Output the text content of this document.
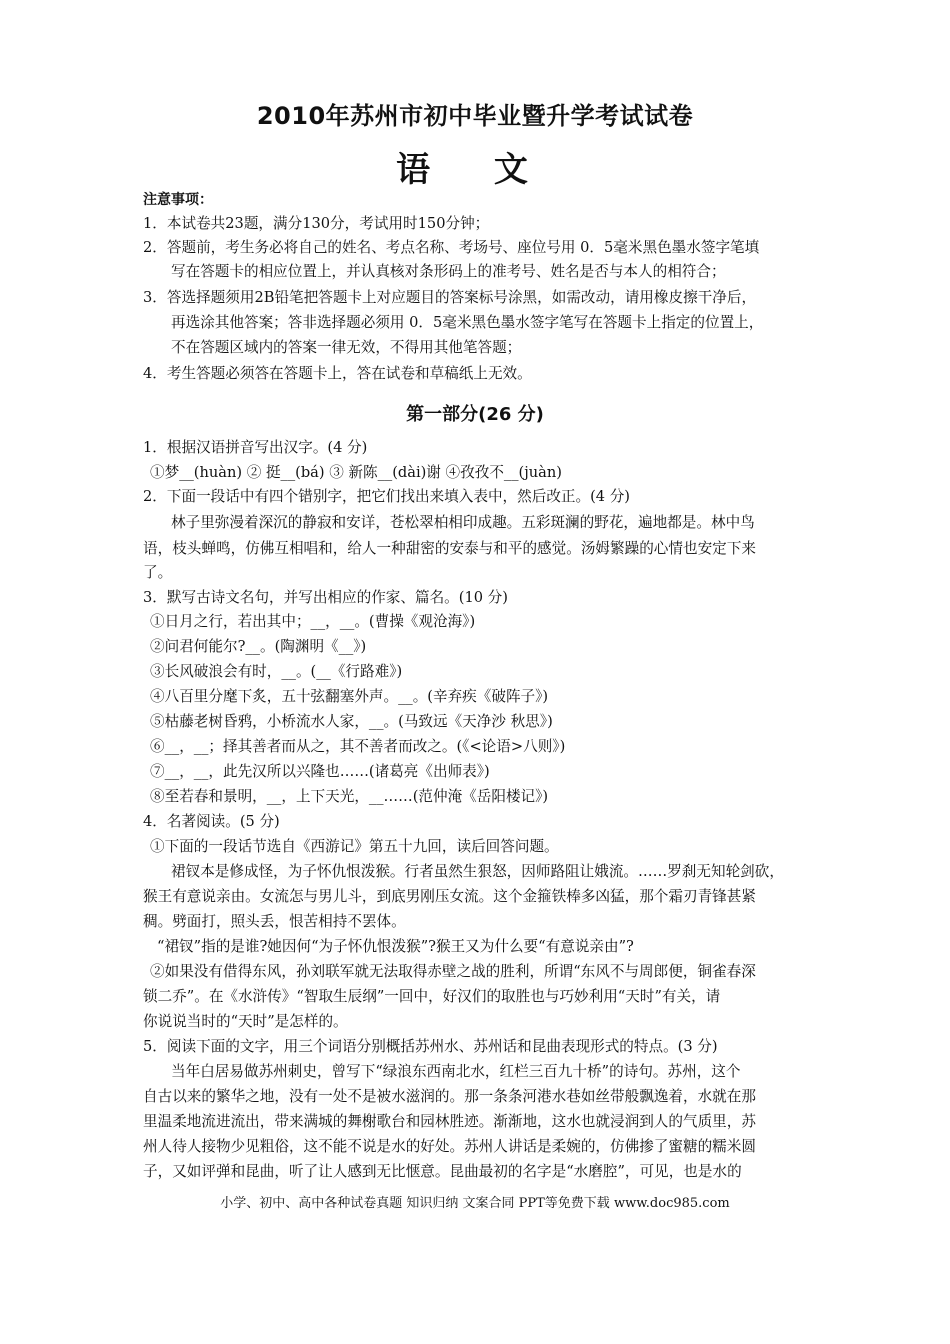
2010年苏州市初中毕业暨升学考试试卷
语 文
注意事项：
1．本试卷共23题，满分130分，考试用时150分钟；
2．答题前，考生务必将自己的姓名、考点名称、考场号、座位号用 0．5毫米黑色墨水签字笔填
写在答题卡的相应位置上，并认真核对条形码上的准考号、姓名是否与本人的相符合；
3．答选择题须用2B铅笔把答题卡上对应题目的答案标号涂黑，如需改动，请用橡皮擦干净后，
再选涂其他答案；答非选择题必须用 0．5毫米黑色墨水签字笔写在答题卡上指定的位置上，
不在答题区域内的答案一律无效，不得用其他笔答题；
4．考生答题必须答在答题卡上，答在试卷和草稿纸上无效。
第一部分(26 分)
1．根据汉语拼音写出汉字。(4 分)
①梦__(huàn) ② 挺__(bá) ③ 新陈__(dài)谢 ④孜孜不__(juàn)
2．下面一段话中有四个错别字，把它们找出来填入表中，然后改正。(4 分)
林子里弥漫着深沉的静寂和安详，苍松翠柏相印成趣。五彩斑澜的野花，遍地都是。林中鸟
语，枝头蝉鸣，仿佛互相唱和，给人一种甜密的安泰与和平的感觉。汤姆繁躁的心情也安定下来
了。
3．默写古诗文名句，并写出相应的作家、篇名。(10 分)
①日月之行，若出其中；__，__。(曹操《观沧海》)
②问君何能尔?__。(陶渊明《__》)
③长风破浪会有时，__。(__《行路难》)
④八百里分麾下炙，五十弦翻塞外声。__。(辛弃疾《破阵子》)
⑤枯藤老树昏鸦，小桥流水人家，__。(马致远《天净沙 秋思》)
⑥__，__；择其善者而从之，其不善者而改之。(《<论语>八则》)
⑦__，__，此先汉所以兴隆也……(诸葛亮《出师表》)
⑧至若春和景明，__，上下天光，__……(范仲淹《岳阳楼记》)
4．名著阅读。(5 分)
①下面的一段话节选自《西游记》第五十九回，读后回答问题。
裙钗本是修成怪，为子怀仇恨泼猴。行者虽然生狠怒，因师路阻让娥流。……罗刹无知轮剑砍，
猴王有意说亲由。女流怎与男儿斗，到底男刚压女流。这个金箍铁棒多凶猛，那个霜刃青锋甚紧
稠。劈面打，照头丢，恨苦相持不罢体。
“裙钗”指的是谁?她因何“为子怀仇恨泼猴”?猴王又为什么要“有意说亲由”?
②如果没有借得东风，孙刘联军就无法取得赤壁之战的胜利，所谓“东风不与周郎便，铜雀春深
锁二乔”。在《水浒传》“智取生辰纲”一回中，好汉们的取胜也与巧妙利用“天时”有关，请
你说说当时的“天时”是怎样的。
5．阅读下面的文字，用三个词语分别概括苏州水、苏州话和昆曲表现形式的特点。(3 分)
当年白居易做苏州刺史，曾写下“绿浪东西南北水，红栏三百九十桥”的诗句。苏州，这个
自古以来的繁华之地，没有一处不是被水滋润的。那一条条河港水巷如丝带般飘逸着，水就在那
里温柔地流进流出，带来满城的舞榭歌台和园林胜迹。渐渐地，这水也就浸润到人的气质里，苏
州人待人接物少见粗俗，这不能不说是水的好处。苏州人讲话是柔婉的，仿佛掺了蜜糖的糯米圆
子，又如评弹和昆曲，听了让人感到无比惬意。昆曲最初的名字是“水磨腔”，可见，也是水的
小学、初中、高中各种试卷真题 知识归纳 文案合同 PPT等免费下载 www.doc985.com
